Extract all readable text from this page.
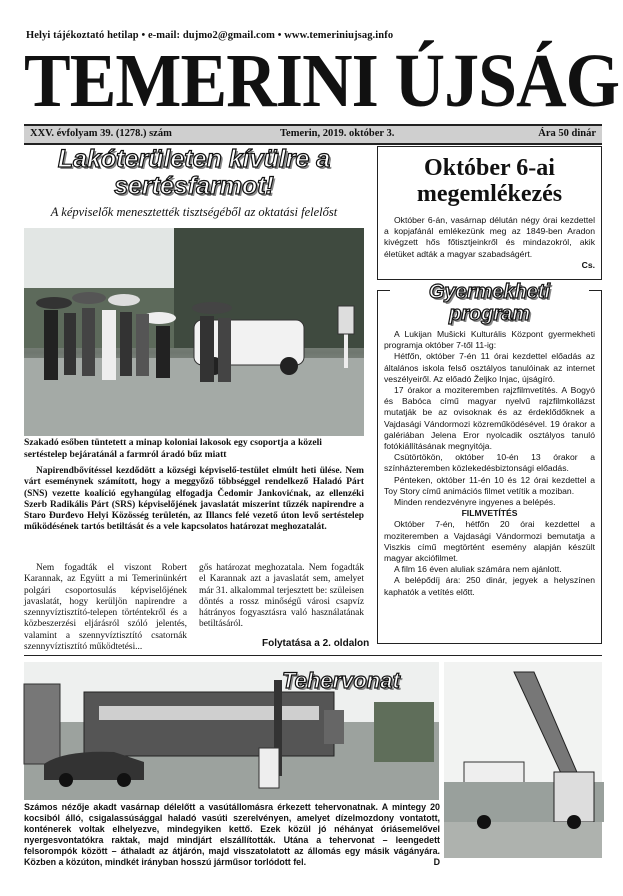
Helyi tájékoztató hetilap • e-mail: dujmo2@gmail.com • www.temeriniujsag.info
TEMERINI ÚJSÁG
XXV. évfolyam 39. (1278.) szám	Temerin, 2019. október 3.	Ára 50 dinár
Lakóterületen kívülre a sertésfarmot!
A képviselők menesztették tisztségéből az oktatási felelőst
Szakadó esőben tüntetett a minap koloniai lakosok egy csoportja a közeli sertéstelep bejáratánál a farmról áradó bűz miatt

Napirendbővítéssel kezdődött a községi képviselő-testület elmúlt heti ülése. Nem várt eseménynek számított, hogy a meggyőző többséggel rendelkező Haladó Párt (SNS) vezette koalíció egyhangúlag elfogadja Čedomir Jankovićnak, az ellenzéki Szerb Radikális Párt (SRS) képviselőjének javaslatát miszerint tűzzék napirendre a Staro Đurđevo Helyi Közösség területén, az Illancs felé vezető úton levő sertéstelep működésének tartós betiltását és a vele kapcsolatos határozat meghozatalát.

Nem fogadták el viszont Robert Karannak, az Együtt a mi Temerinünkért polgári csoportosulás képviselőjének javaslatát, hogy kerüljön napirendre a szennyvíztisztító-telepen történtekről és a közbeszerzési eljárásról szóló jelentés, valamint a szennyvíztisztító csatornák szennyvíztisztító működtetési...

gős határozat meghozatala. Nem fogadták el Karannak azt a javaslatát sem, amelyet már 31. alkalommal terjesztett be: szüleisen döntés a rossz minőségű városi csapvíz hátrányos fogyasztásra való használatának betiltásáról.

Folytatása a 2. oldalon
Október 6-ai megemlékezés

Október 6-án, vasárnap délután négy órai kezdettel a kopjafánál emlékezünk meg az 1849-ben Aradon kivégzett hős főtisztjeinkről és mindazokról, akik életüket adták a magyar szabadságért.

Cs.
Gyermekheti program

A Lukijan Mušicki Kulturális Központ gyermekheti programja október 7-től 11-ig:

Hétfőn, október 7-én 11 órai kezdettel előadás az általános iskola felső osztályos tanulóinak az internet veszélyeiről. Az előadó Željko Injac, újságíró.

17 órakor a moziteremben rajzfilmvetítés. A Bogyó és Babóca című magyar nyelvű rajzfilmkollázst mutatják be az ovisoknak és az érdeklődőknek a Vajdasági Vándormozi közreműködésével. 19 órakor a galériában Jelena Eror nyolcadik osztályos tanuló fotókiállításának megnyitója.

Csütörtökön, október 10-én 13 órakor a színházteremben közlekedésbiztonsági előadás.

Pénteken, október 11-én 10 és 12 órai kezdettel a Toy Story című animációs filmet vetítik a moziban.

Minden rendezvényre ingyenes a belépés.

FILMVETÍTÉS

Október 7-én, hétfőn 20 órai kezdettel a moziteremben a Vajdasági Vándormozi bemutatja a Viszkis című megtörtént esemény alapján készült magyar akciófilmet.

A film 16 éven aluliak számára nem ajánlott.

A belépődíj ára: 250 dinár, jegyek a helyszínen kaphatók a vetítés előtt.

Tehervonat
Számos nézője akadt vasárnap délelőtt a vasútállomásra érkezett tehervonatnak. A mintegy 20 kocsiból álló, csigalassúsággal haladó vasúti szerelvényen, amelyet dízelmozdony vontatott, konténerek voltak elhelyezve, mindegyiken kettő. Ezek közül jó néhányat óriásemelővel nyergesvontatókra raktak, majd mindjárt elszállították. Utána a tehervonat – leengedett felsorompók között – áthaladt az átjárón, majd visszatolatott az állomás egy másik vágányára. Közben a közúton, mindkét irányban hosszú járműsor torlódott fel.	D
